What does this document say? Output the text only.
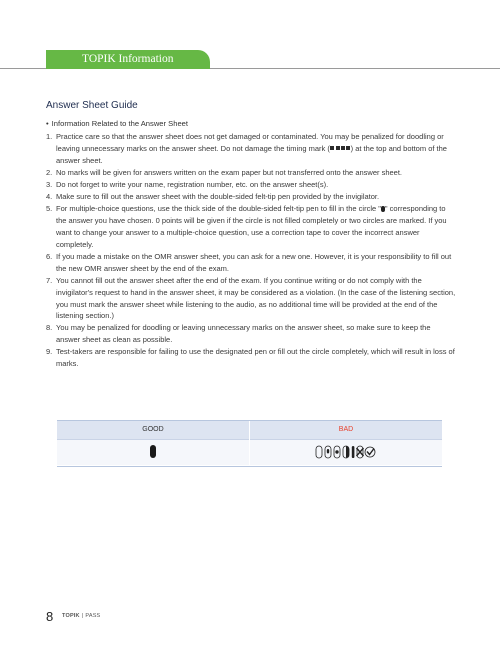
TOPIK Information
Answer Sheet Guide
• Information Related to the Answer Sheet
1. Practice care so that the answer sheet does not get damaged or contaminated. You may be penalized for doodling or leaving unnecessary marks on the answer sheet. Do not damage the timing mark (	) at the top and bottom of the answer sheet.
2. No marks will be given for answers written on the exam paper but not transferred onto the answer sheet.
3. Do not forget to write your name, registration number, etc. on the answer sheet(s).
4. Make sure to fill out the answer sheet with the double-sided felt-tip pen provided by the invigilator.
5. For multiple-choice questions, use the thick side of the double-sided felt-tip pen to fill in the circle " " corresponding to the answer you have chosen. 0 points will be given if the circle is not filled completely or two circles are marked. If you want to change your answer to a multiple-choice question, use a correction tape to cover the incorrect answer completely.
6. If you made a mistake on the OMR answer sheet, you can ask for a new one. However, it is your responsibility to fill out the new OMR answer sheet by the end of the exam.
7. You cannot fill out the answer sheet after the end of the exam. If you continue writing or do not comply with the invigilator's request to hand in the answer sheet, it may be considered as a violation. (In the case of the listening section, you must mark the answer sheet while listening to the audio, as no additional time will be provided at the end of the listening section.)
8. You may be penalized for doodling or leaving unnecessary marks on the answer sheet, so make sure to keep the answer sheet as clean as possible.
9. Test-takers are responsible for failing to use the designated pen or fill out the circle completely, which will result in loss of marks.
GOOD	BAD
8 TOPIK | PASS
